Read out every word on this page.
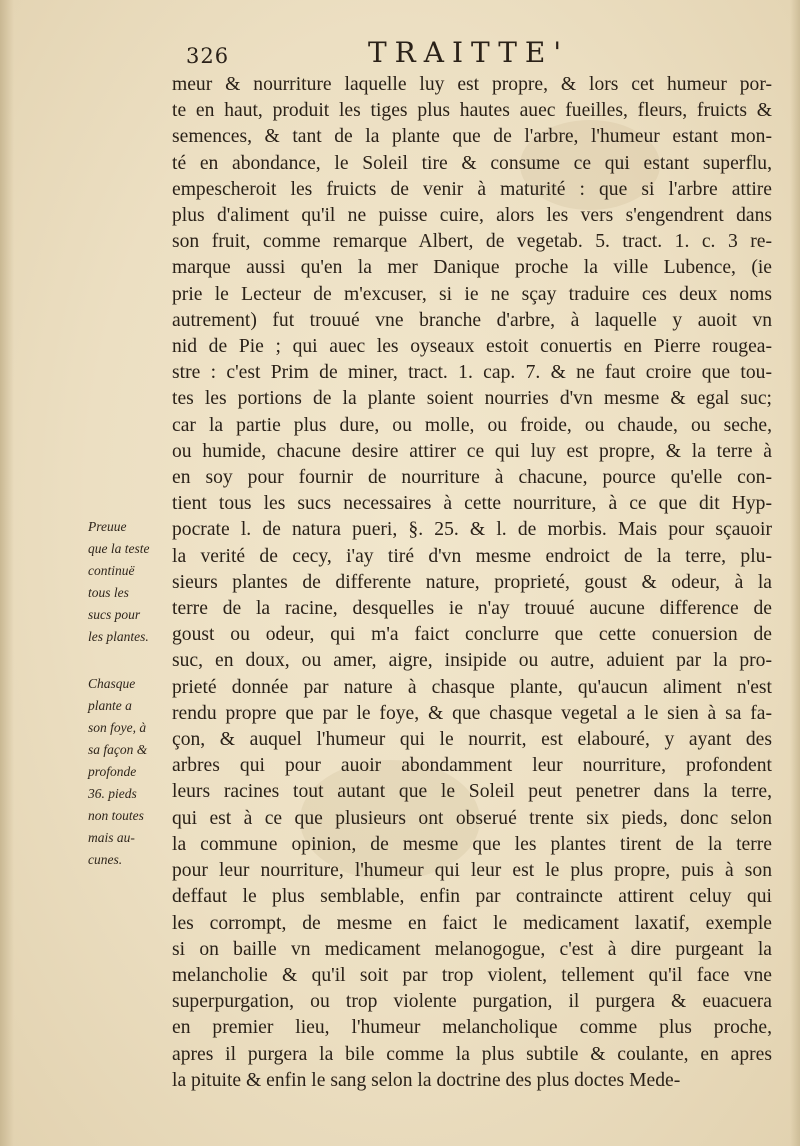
326	TRAITTE'
meur & nourriture laquelle luy est propre, & lors cet humeur por-
te en haut, produit les tiges plus hautes auec fueilles, fleurs, fruicts &
semences, & tant de la plante que de l'arbre, l'humeur estant mon-
té en abondance, le Soleil tire & consume ce qui estant superflu,
empescheroit les fruicts de venir à maturité : que si l'arbre attire
plus d'aliment qu'il ne puisse cuire, alors les vers s'engendrent dans
son fruit, comme remarque Albert, de vegetab. 5. tract. 1. c. 3 re-
marque aussi qu'en la mer Danique proche la ville Lubence, (ie
prie le Lecteur de m'excuser, si ie ne sçay traduire ces deux noms
autrement) fut trouué vne branche d'arbre, à laquelle y auoit vn
nid de Pie ; qui auec les oyseaux estoit conuertis en Pierre rougea-
stre : c'est Prim de miner, tract. 1. cap. 7. & ne faut croire que tou-
tes les portions de la plante soient nourries d'vn mesme & egal suc;
car la partie plus dure, ou molle, ou froide, ou chaude, ou seche,
ou humide, chacune desire attirer ce qui luy est propre, & la terre à
en soy pour fournir de nourriture à chacune, pource qu'elle con-
tient tous les sucs necessaires à cette nourriture, à ce que dit Hyp-
pocrate l. de natura pueri, §. 25. & l. de morbis. Mais pour sçauoir
la verité de cecy, i'ay tiré d'vn mesme endroict de la terre, plu-
sieurs plantes de differente nature, proprieté, goust & odeur, à la
terre de la racine, desquelles ie n'ay trouué aucune difference de
goust ou odeur, qui m'a faict conclurre que cette conuersion de
suc, en doux, ou amer, aigre, insipide ou autre, aduient par la pro-
prieté donnée par nature à chasque plante, qu'aucun aliment n'est
rendu propre que par le foye, & que chasque vegetal a le sien à sa fa-
çon, & auquel l'humeur qui le nourrit, est elabouré, y ayant des
arbres qui pour auoir abondamment leur nourriture, profondent
leurs racines tout autant que le Soleil peut penetrer dans la terre,
qui est à ce que plusieurs ont obserué trente six pieds, donc selon
la commune opinion, de mesme que les plantes tirent de la terre
pour leur nourriture, l'humeur qui leur est le plus propre, puis à son
deffaut le plus semblable, enfin par contraincte attirent celuy qui
les corrompt, de mesme en faict le medicament laxatif, exemple
si on baille vn medicament melanogogue, c'est à dire purgeant la
melancholie & qu'il soit par trop violent, tellement qu'il face vne
superpurgation, ou trop violente purgation, il purgera & euacuera
en premier lieu, l'humeur melancholique comme plus proche,
apres il purgera la bile comme la plus subtile & coulante, en apres
la pituite & enfin le sang selon la doctrine des plus doctes Mede-
Preuue
que la teste
continuë
tous les
sucs pour
les plantes.
Chasque
plante a
son foye, à
sa façon &
profonde
36. pieds
non toutes
mais au-
cunes.
